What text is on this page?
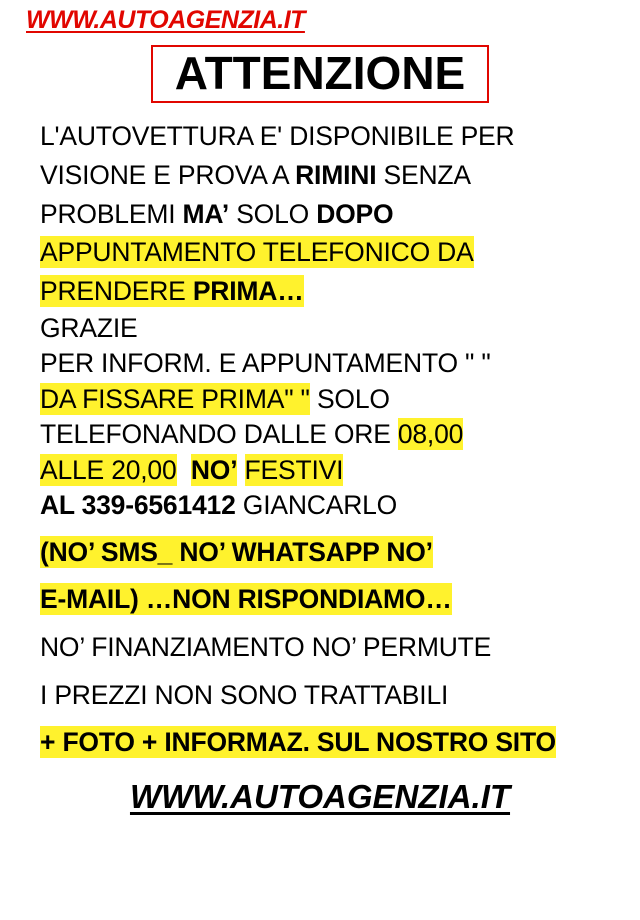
WWW.AUTOAGENZIA.IT
ATTENZIONE
L'AUTOVETTURA E' DISPONIBILE PER
VISIONE E PROVA A RIMINI SENZA
PROBLEMI MA’ SOLO DOPO
APPUNTAMENTO TELEFONICO DA
PRENDERE PRIMA…
GRAZIE
PER INFORM. E APPUNTAMENTO " "
DA FISSARE PRIMA" " SOLO
TELEFONANDO DALLE ORE 08,00
ALLE 20,00 NO’ FESTIVI
AL 339-6561412 GIANCARLO
(NO’ SMS_ NO’ WHATSAPP NO’
E-MAIL) …NON RISPONDIAMO…
NO’ FINANZIAMENTO NO’ PERMUTE
I PREZZI NON SONO TRATTABILI
+ FOTO + INFORMAZ. SUL NOSTRO SITO
WWW.AUTOAGENZIA.IT
